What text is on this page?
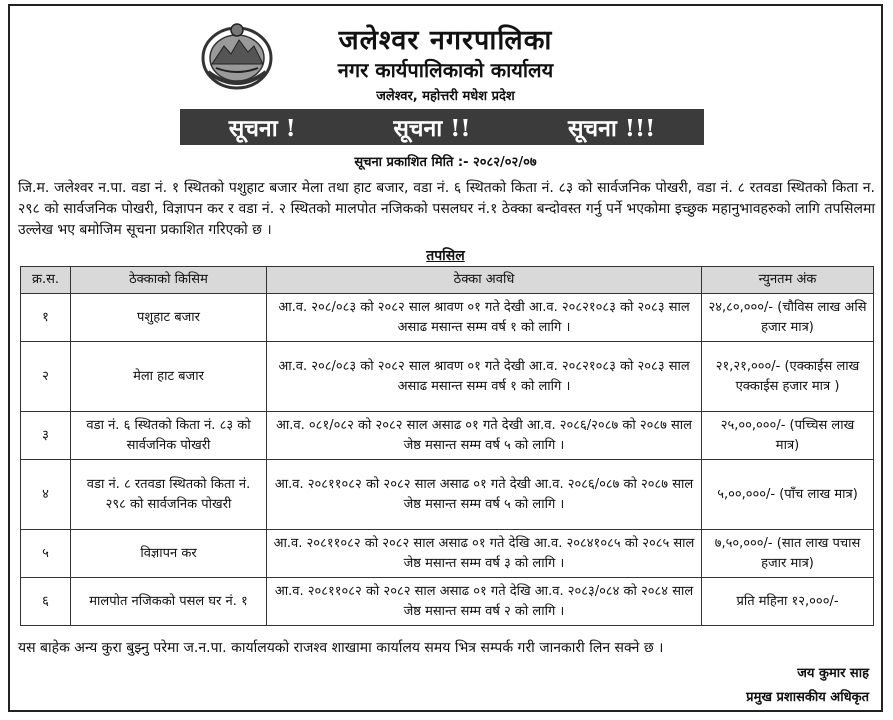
जलेश्वर नगरपालिका
नगर कार्यपालिकाको कार्यालय
जलेश्वर, महोत्तरी मधेश प्रदेश
सूचना !	सूचना !!	सूचना !!!
सूचना प्रकाशित मिति :- २०८२/०२/०७
जि.म. जलेश्वर न.पा. वडा नं. १ स्थितको पशुहाट बजार मेला तथा हाट बजार, वडा नं. ६ स्थितको किता नं. ८३ को सार्वजनिक पोखरी, वडा नं. ८ रतवडा स्थितको किता न. २९८ को सार्वजनिक पोखरी, विज्ञापन कर र वडा नं. २ स्थितको मालपोत नजिकको पसलघर नं.१ ठेक्का बन्दोवस्त गर्नु पर्ने भएकोमा इच्छुक महानुभावहरुको लागि तपसिलमा उल्लेख भए बमोजिम सूचना प्रकाशित गरिएको छ ।
तपसिल
क्र.स.	ठेक्काको किसिम	ठेक्का अवधि	न्युनतम अंक
१	पशुहाट बजार	आ.व. २०८/०८३ को २०८२ साल श्रावण ०१ गते देखी आ.व. २०८२१०८३ को २०८३ साल असाढ मसान्त सम्म वर्ष १ को लागि ।	२४,८०,०००/- (चौविस लाख असि हजार मात्र)
२	मेला हाट बजार	आ.व. २०८/०८३ को २०८२ साल श्रावण ०१ गते देखी आ.व. २०८२१०८३ को २०८३ साल असाढ मसान्त सम्म वर्ष १ को लागि ।	२१,२१,०००/- (एक्काईस लाख एक्काईस हजार मात्र )
३	वडा नं. ६ स्थितको किता नं. ८३ को सार्वजनिक पोखरी	आ.व. ०८१/०८२ को २०८२ साल असाढ ०१ गते देखी आ.व. २०८६/२०८७ को २०८७ साल जेष्ठ मसान्त सम्म वर्ष ५ को लागि ।	२५,००,०००/- (पच्चिस लाख मात्र)
४	वडा नं. ८ रतवडा स्थितको किता नं. २९८ को सार्वजनिक पोखरी	आ.व. २०८११०८२ को २०८२ साल असाढ ०१ गते देखी आ.व. २०८६/०८७ को २०८७ साल जेष्ठ मसान्त सम्म वर्ष ५ को लागि ।	५,००,०००/- (पाँच लाख मात्र)
५	विज्ञापन कर	आ.व. २०८११०८२ को २०८२ साल असाढ ०१ गते देखि आ.व. २०८४१०८५ को २०८५ साल जेष्ठ मसान्त सम्म वर्ष ३ को लागि ।	७,५०,०००/- (सात लाख पचास हजार मात्र)
६	मालपोत नजिकको पसल घर नं. १	आ.व. २०८११०८२ को २०८२ साल असाढ ०१ गते देखि आ.व. २०८३/०८४ को २०८४ साल जेष्ठ मसान्त सम्म वर्ष २ को लागि ।	प्रति महिना १२,०००/-
यस बाहेक अन्य कुरा बुझ्नु परेमा ज.न.पा. कार्यालयको राजश्व शाखामा कार्यालय समय भित्र सम्पर्क गरी जानकारी लिन सक्ने छ ।
जय कुमार साह
प्रमुख प्रशासकीय अधिकृत
